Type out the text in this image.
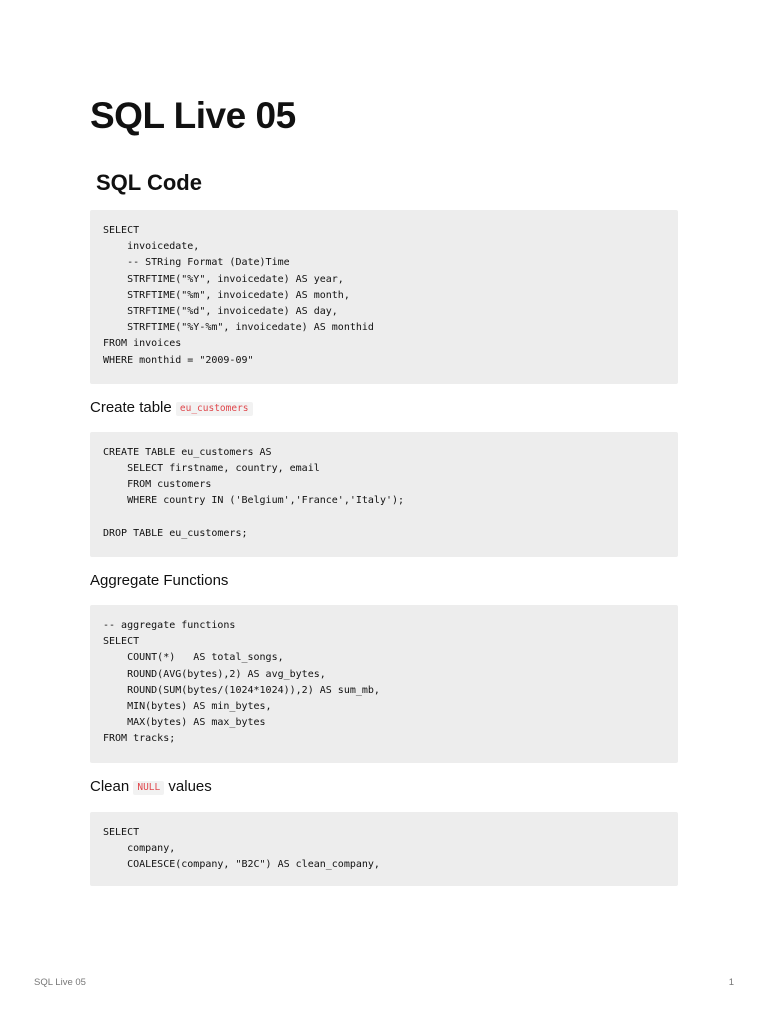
SQL Live 05
SQL Code
SELECT
invoicedate,
-- STRing Format (Date)Time
STRFTIME("%Y", invoicedate) AS year,
STRFTIME("%m", invoicedate) AS month,
STRFTIME("%d", invoicedate) AS day,
STRFTIME("%Y-%m", invoicedate) AS monthid
FROM invoices
WHERE monthid = "2009-09"

Create table eu_customers

CREATE TABLE eu_customers AS
SELECT firstname, country, email
FROM customers
WHERE country IN ('Belgium','France','Italy');

DROP TABLE eu_customers;

Aggregate Functions

-- aggregate functions
SELECT
COUNT(*)   AS total_songs,
ROUND(AVG(bytes),2) AS avg_bytes,
ROUND(SUM(bytes/(1024*1024)),2) AS sum_mb,
MIN(bytes) AS min_bytes,
MAX(bytes) AS max_bytes
FROM tracks;

Clean NULL values

SELECT
company,
COALESCE(company, "B2C") AS clean_company,
SQL Live 05	1
